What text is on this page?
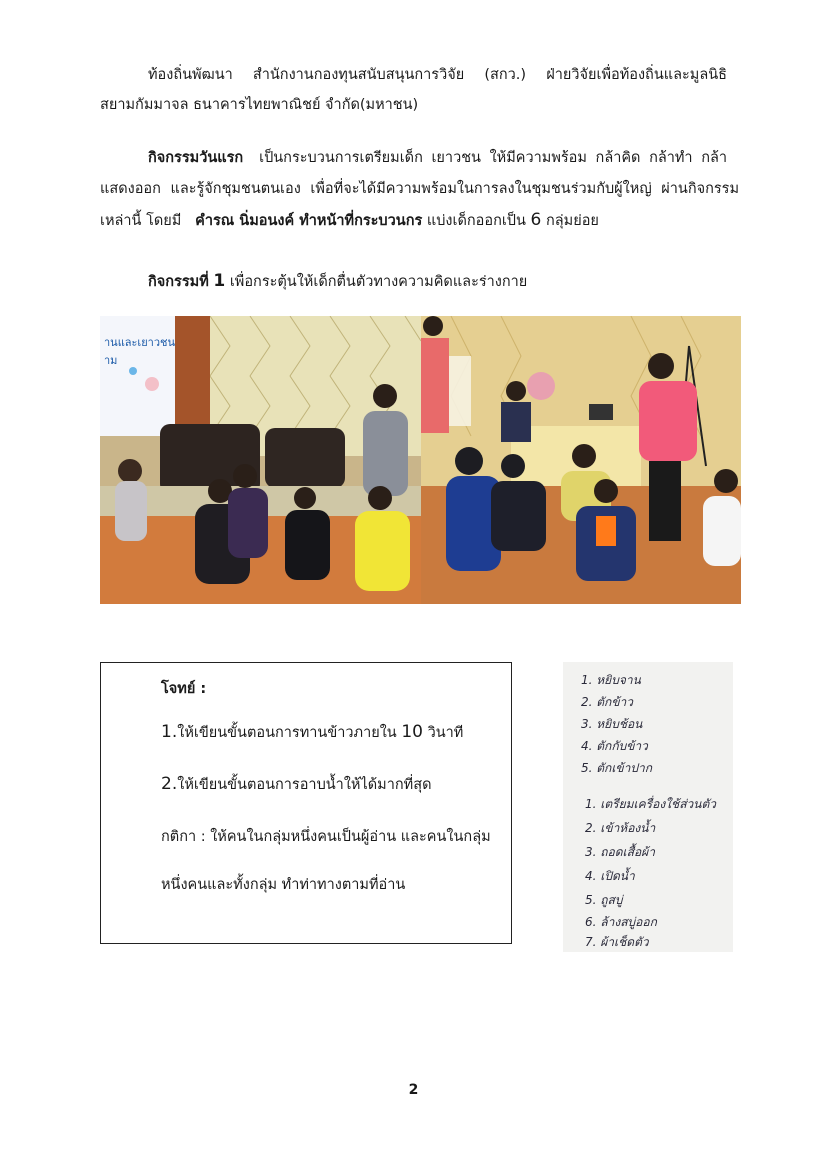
ท้องถิ่นพัฒนา สำนักงานกองทุนสนับสนุนการวิจัย (สกว.) ฝ่ายวิจัยเพื่อท้องถิ่นและมูลนิธิ
สยามกัมมาจล ธนาคารไทยพาณิชย์ จำกัด(มหาชน)
กิจกรรมวันแรก เป็นกระบวนการเตรียมเด็ก เยาวชน ให้มีความพร้อม กล้าคิด กล้าทำ กล้า
แสดงออก และรู้จักชุมชนตนเอง เพื่อที่จะได้มีความพร้อมในการลงในชุมชนร่วมกับผู้ใหญ่ ผ่านกิจกรรม
เหล่านี้ โดยมี คำรณ นิ่มอนงค์ ทำหน้าที่กระบวนกร แบ่งเด็กออกเป็น 6 กลุ่มย่อย
กิจกรรมที่ 1 เพื่อกระตุ้นให้เด็กตื่นตัวทางความคิดและร่างกาย
านและเยาวชน
าม
โจทย์ :
1.ให้เขียนขั้นตอนการทานข้าวภายใน 10 วินาที
2.ให้เขียนขั้นตอนการอาบน้ำให้ได้มากที่สุด
กติกา : ให้คนในกลุ่มหนึ่งคนเป็นผู้อ่าน และคนในกลุ่ม
หนึ่งคนและทั้งกลุ่ม ทำท่าทางตามที่อ่าน
1. หยิบจาน
2. ตักข้าว
3. หยิบช้อน
4. ตักกับข้าว
5. ตักเข้าปาก
1. เตรียมเครื่องใช้ส่วนตัว
2. เข้าห้องน้ำ
3. ถอดเสื้อผ้า
4. เปิดน้ำ
5. ถูสบู่
6. ล้างสบู่ออก
7. ผ้าเช็ดตัว
2
